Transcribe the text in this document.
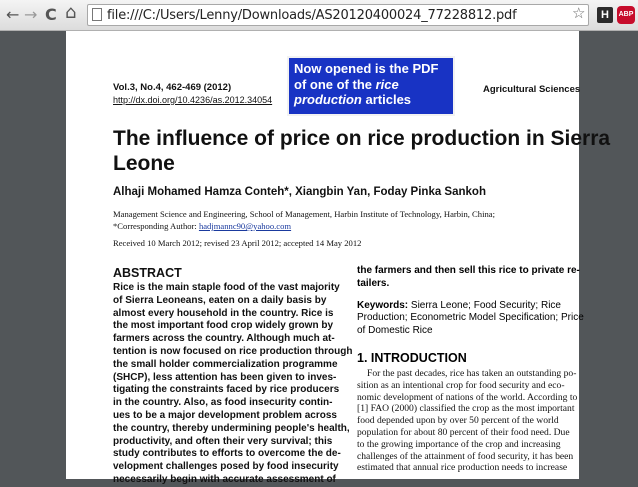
← → C ⌂ file:///C:/Users/Lenny/Downloads/AS20120400024_77228812.pdf	☆	H	ABP
Vol.3, No.4, 462-469 (2012)
http://dx.doi.org/10.4236/as.2012.34054
Agricultural Sciences
The influence of price on rice production in Sierra
Leone
Alhaji Mohamed Hamza Conteh*, Xiangbin Yan, Foday Pinka Sankoh
Management Science and Engineering, School of Management, Harbin Institute of Technology, Harbin, China;
*Corresponding Author: hadjmannc90@yahoo.com
Received 10 March 2012; revised 23 April 2012; accepted 14 May 2012
ABSTRACT
Rice is the main staple food of the vast majority
of Sierra Leoneans, eaten on a daily basis by
almost every household in the country. Rice is
the most important food crop widely grown by
farmers across the country. Although much at-
tention is now focused on rice production through
the small holder commercialization programme
(SHCP), less attention has been given to inves-
tigating the constraints faced by rice producers
in the country. Also, as food insecurity contin-
ues to be a major development problem across
the country, thereby undermining people's health,
productivity, and often their very survival; this
study contributes to efforts to overcome the de-
velopment challenges posed by food insecurity
necessarily begin with accurate assessment of
the farmers and then sell this rice to private re-
tailers.
Keywords: Sierra Leone; Food Security; Rice
Production; Econometric Model Specification; Price
of Domestic Rice
1. INTRODUCTION
For the past decades, rice has taken an outstanding po-
sition as an intentional crop for food security and eco-
nomic development of nations of the world. According to
[1] FAO (2000) classified the crop as the most important
food depended upon by over 50 percent of the world
population for about 80 percent of their food need. Due
to the growing importance of the crop and increasing
challenges of the attainment of food security, it has been
estimated that annual rice production needs to increase
Now opened is the PDF
of one of the rice
production articles
